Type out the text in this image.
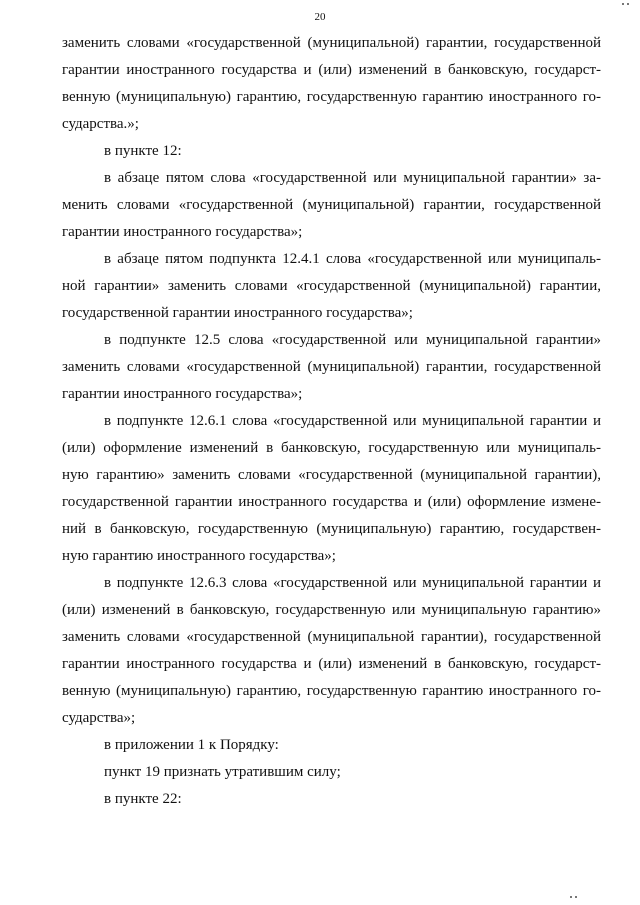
20
заменить словами «государственной (муниципальной) гарантии, государственной
гарантии иностранного государства и (или) изменений в банковскую, государст-
венную (муниципальную) гарантию, государственную гарантию иностранного го-
сударства.»;
в пункте 12:
в абзаце пятом слова «государственной или муниципальной гарантии» за-
менить словами «государственной (муниципальной) гарантии, государственной
гарантии иностранного государства»;
в абзаце пятом подпункта 12.4.1 слова «государственной или муниципаль-
ной гарантии» заменить словами «государственной (муниципальной) гарантии,
государственной гарантии иностранного государства»;
в подпункте 12.5 слова «государственной или муниципальной гарантии»
заменить словами «государственной (муниципальной) гарантии, государственной
гарантии иностранного государства»;
в подпункте 12.6.1 слова «государственной или муниципальной гарантии и
(или) оформление изменений в банковскую, государственную или муниципаль-
ную гарантию» заменить словами «государственной (муниципальной гарантии),
государственной гарантии иностранного государства и (или) оформление измене-
ний в банковскую, государственную (муниципальную) гарантию, государствен-
ную гарантию иностранного государства»;
в подпункте 12.6.3 слова «государственной или муниципальной гарантии и
(или) изменений в банковскую, государственную или муниципальную гарантию»
заменить словами «государственной (муниципальной гарантии), государственной
гарантии иностранного государства и (или) изменений в банковскую, государст-
венную (муниципальную) гарантию, государственную гарантию иностранного го-
сударства»;
в приложении 1 к Порядку:
пункт 19 признать утратившим силу;
в пункте 22:
